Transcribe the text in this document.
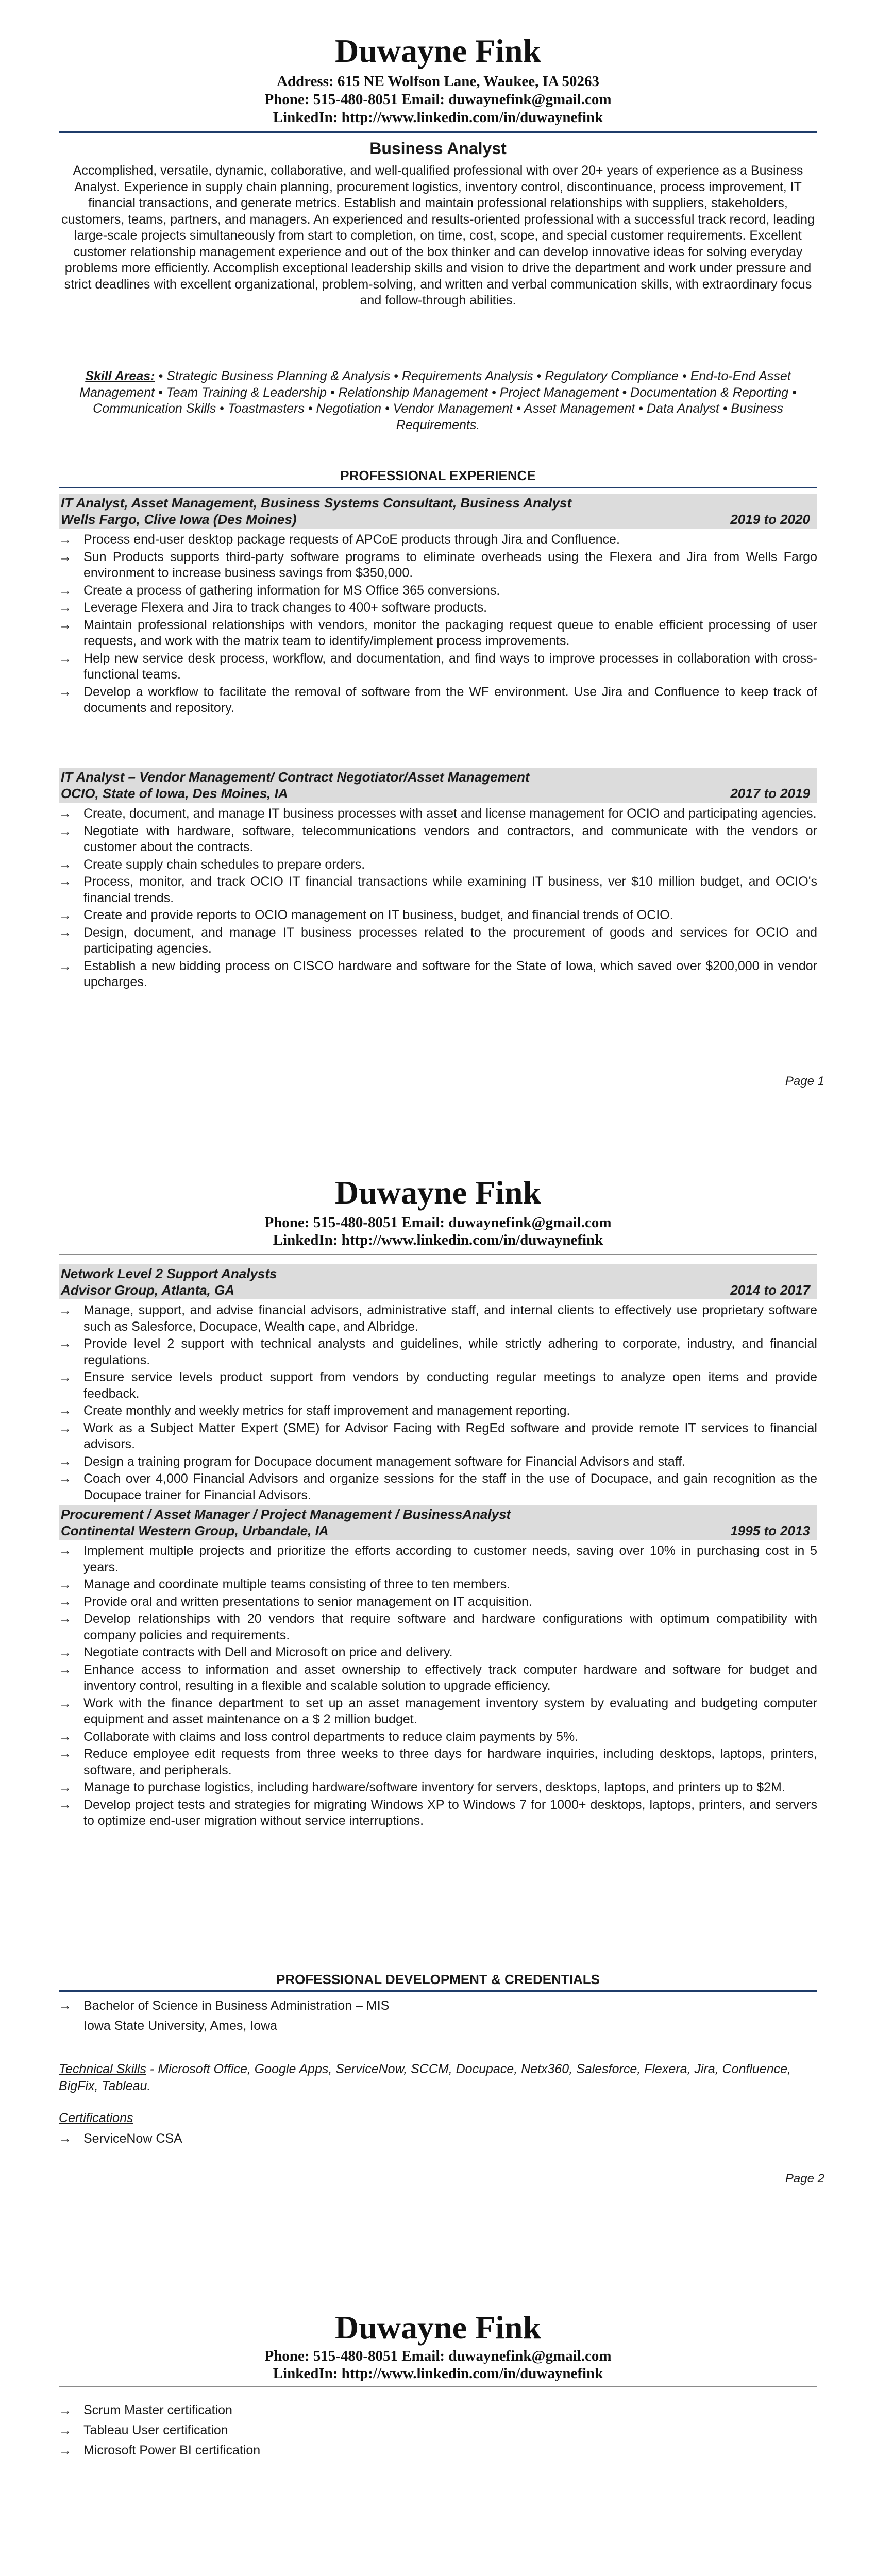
Duwayne Fink
Address: 615 NE Wolfson Lane, Waukee, IA 50263
Phone: 515-480-8051 Email: duwaynefink@gmail.com
LinkedIn: http://www.linkedin.com/in/duwaynefink
Business Analyst
Accomplished, versatile, dynamic, collaborative, and well-qualified professional with over 20+ years of experience as a Business Analyst. Experience in supply chain planning, procurement logistics, inventory control, discontinuance, process improvement, IT financial transactions, and generate metrics. Establish and maintain professional relationships with suppliers, stakeholders, customers, teams, partners, and managers. An experienced and results-oriented professional with a successful track record, leading large-scale projects simultaneously from start to completion, on time, cost, scope, and special customer requirements. Excellent customer relationship management experience and out of the box thinker and can develop innovative ideas for solving everyday problems more efficiently. Accomplish exceptional leadership skills and vision to drive the department and work under pressure and strict deadlines with excellent organizational, problem-solving, and written and verbal communication skills, with extraordinary focus and follow-through abilities.
Skill Areas: • Strategic Business Planning & Analysis • Requirements Analysis • Regulatory Compliance • End-to-End Asset Management • Team Training & Leadership • Relationship Management • Project Management • Documentation & Reporting • Communication Skills • Toastmasters • Negotiation • Vendor Management • Asset Management • Data Analyst • Business Requirements.
PROFESSIONAL EXPERIENCE
IT Analyst, Asset Management, Business Systems Consultant, Business Analyst
Wells Fargo, Clive Iowa (Des Moines)	2019 to 2020
→ Process end-user desktop package requests of APCoE products through Jira and Confluence.
→ Sun Products supports third-party software programs to eliminate overheads using the Flexera and Jira from Wells Fargo environment to increase business savings from $350,000.
→ Create a process of gathering information for MS Office 365 conversions.
→ Leverage Flexera and Jira to track changes to 400+ software products.
→ Maintain professional relationships with vendors, monitor the packaging request queue to enable efficient processing of user requests, and work with the matrix team to identify/implement process improvements.
→ Help new service desk process, workflow, and documentation, and find ways to improve processes in collaboration with cross-functional teams.
→ Develop a workflow to facilitate the removal of software from the WF environment. Use Jira and Confluence to keep track of documents and repository.
IT Analyst – Vendor Management/ Contract Negotiator/Asset Management
OCIO, State of Iowa, Des Moines, IA	2017 to 2019
→ Create, document, and manage IT business processes with asset and license management for OCIO and participating agencies.
→ Negotiate with hardware, software, telecommunications vendors and contractors, and communicate with the vendors or customer about the contracts.
→ Create supply chain schedules to prepare orders.
→ Process, monitor, and track OCIO IT financial transactions while examining IT business, ver $10 million budget, and OCIO's financial trends.
→ Create and provide reports to OCIO management on IT business, budget, and financial trends of OCIO.
→ Design, document, and manage IT business processes related to the procurement of goods and services for OCIO and participating agencies.
→ Establish a new bidding process on CISCO hardware and software for the State of Iowa, which saved over $200,000 in vendor upcharges.
Page 1
Duwayne Fink
Phone: 515-480-8051 Email: duwaynefink@gmail.com
LinkedIn: http://www.linkedin.com/in/duwaynefink
Network Level 2 Support Analysts
Advisor Group, Atlanta, GA	2014 to 2017
→ Manage, support, and advise financial advisors, administrative staff, and internal clients to effectively use proprietary software such as Salesforce, Docupace, Wealth cape, and Albridge.
→ Provide level 2 support with technical analysts and guidelines, while strictly adhering to corporate, industry, and financial regulations.
→ Ensure service levels product support from vendors by conducting regular meetings to analyze open items and provide feedback.
→ Create monthly and weekly metrics for staff improvement and management reporting.
→ Work as a Subject Matter Expert (SME) for Advisor Facing with RegEd software and provide remote IT services to financial advisors.
→ Design a training program for Docupace document management software for Financial Advisors and staff.
→ Coach over 4,000 Financial Advisors and organize sessions for the staff in the use of Docupace, and gain recognition as the Docupace trainer for Financial Advisors.
Procurement / Asset Manager / Project Management / BusinessAnalyst
Continental Western Group, Urbandale, IA	1995 to 2013
→ Implement multiple projects and prioritize the efforts according to customer needs, saving over 10% in purchasing cost in 5 years.
→ Manage and coordinate multiple teams consisting of three to ten members.
→ Provide oral and written presentations to senior management on IT acquisition.
→ Develop relationships with 20 vendors that require software and hardware configurations with optimum compatibility with company policies and requirements.
→ Negotiate contracts with Dell and Microsoft on price and delivery.
→ Enhance access to information and asset ownership to effectively track computer hardware and software for budget and inventory control, resulting in a flexible and scalable solution to upgrade efficiency.
→ Work with the finance department to set up an asset management inventory system by evaluating and budgeting computer equipment and asset maintenance on a $ 2 million budget.
→ Collaborate with claims and loss control departments to reduce claim payments by 5%.
→ Reduce employee edit requests from three weeks to three days for hardware inquiries, including desktops, laptops, printers, software, and peripherals.
→ Manage to purchase logistics, including hardware/software inventory for servers, desktops, laptops, and printers up to $2M.
→ Develop project tests and strategies for migrating Windows XP to Windows 7 for 1000+ desktops, laptops, printers, and servers to optimize end-user migration without service interruptions.
PROFESSIONAL DEVELOPMENT & CREDENTIALS
→ Bachelor of Science in Business Administration – MIS
Iowa State University, Ames, Iowa
Technical Skills - Microsoft Office, Google Apps, ServiceNow, SCCM, Docupace, Netx360, Salesforce, Flexera, Jira, Confluence, BigFix, Tableau.
Certifications
→ ServiceNow CSA
Page 2
Duwayne Fink
Phone: 515-480-8051 Email: duwaynefink@gmail.com
LinkedIn: http://www.linkedin.com/in/duwaynefink
→ Scrum Master certification
→ Tableau User certification
→ Microsoft Power BI certification
